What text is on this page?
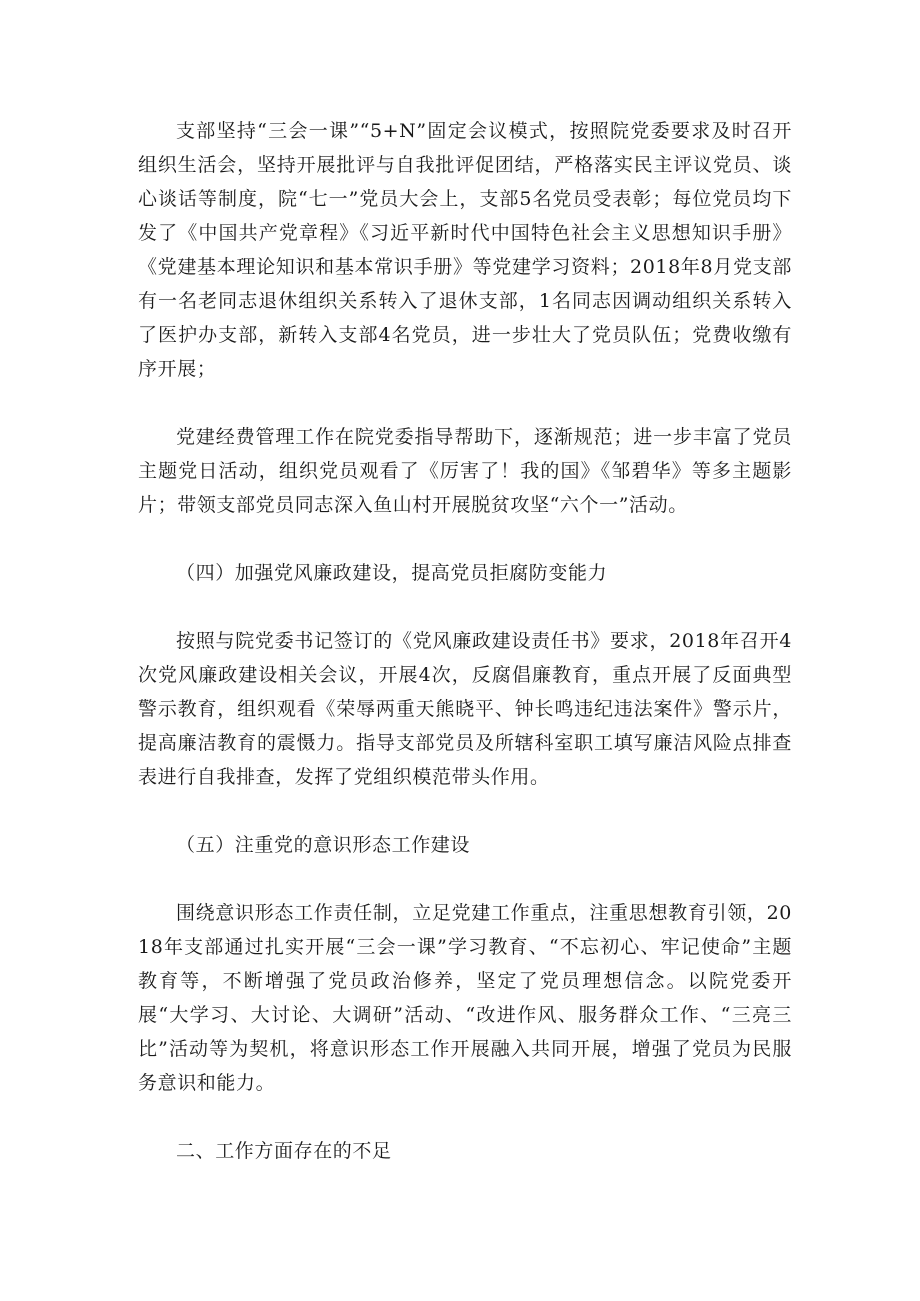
支部坚持“三会一课”“5+N”固定会议模式，按照院党委要求及时召开组织生活会，坚持开展批评与自我批评促团结，严格落实民主评议党员、谈心谈话等制度，院“七一”党员大会上，支部5名党员受表彰；每位党员均下发了《中国共产党章程》《习近平新时代中国特色社会主义思想知识手册》《党建基本理论知识和基本常识手册》等党建学习资料；2018年8月党支部有一名老同志退休组织关系转入了退休支部，1名同志因调动组织关系转入了医护办支部，新转入支部4名党员，进一步壮大了党员队伍；党费收缴有序开展；

党建经费管理工作在院党委指导帮助下，逐渐规范；进一步丰富了党员主题党日活动，组织党员观看了《厉害了！我的国》《邹碧华》等多主题影片；带领支部党员同志深入鱼山村开展脱贫攻坚“六个一”活动。

（四）加强党风廉政建设，提高党员拒腐防变能力

按照与院党委书记签订的《党风廉政建设责任书》要求，2018年召开4次党风廉政建设相关会议，开展4次，反腐倡廉教育，重点开展了反面典型警示教育，组织观看《荣辱两重天熊晓平、钟长鸣违纪违法案件》警示片，提高廉洁教育的震慑力。指导支部党员及所辖科室职工填写廉洁风险点排查表进行自我排查，发挥了党组织模范带头作用。

（五）注重党的意识形态工作建设

围绕意识形态工作责任制，立足党建工作重点，注重思想教育引领，2018年支部通过扎实开展“三会一课”学习教育、“不忘初心、牢记使命”主题教育等，不断增强了党员政治修养，坚定了党员理想信念。以院党委开展“大学习、大讨论、大调研”活动、“改进作风、服务群众工作、“三亮三比”活动等为契机，将意识形态工作开展融入共同开展，增强了党员为民服务意识和能力。

二、工作方面存在的不足
